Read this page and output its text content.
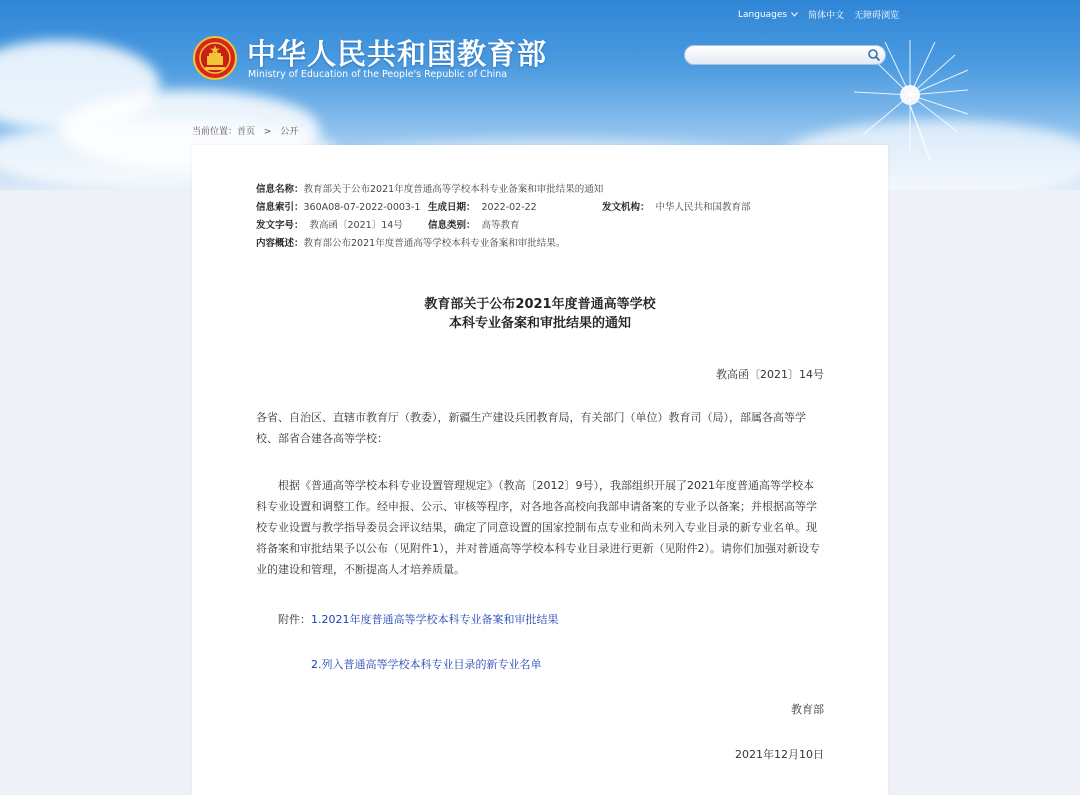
Languages 简体中文 无障碍浏览
中华人民共和国教育部
Ministry of Education of the People's Republic of China
当前位置：首页 > 公开
信息名称：教育部关于公布2021年度普通高等学校本科专业备案和审批结果的通知
信息索引：360A08-07-2022-0003-1 生成日期： 2022-02-22	发文机构： 中华人民共和国教育部
发文字号： 教高函〔2021〕14号	信息类别： 高等教育
内容概述：教育部公布2021年度普通高等学校本科专业备案和审批结果。
教育部关于公布2021年度普通高等学校
本科专业备案和审批结果的通知
教高函〔2021〕14号
各省、自治区、直辖市教育厅（教委），新疆生产建设兵团教育局，有关部门（单位）教育司（局），部属各高等学校、部省合建各高等学校：
根据《普通高等学校本科专业设置管理规定》（教高〔2012〕9号），我部组织开展了2021年度普通高等学校本科专业设置和调整工作。经申报、公示、审核等程序，对各地各高校向我部申请备案的专业予以备案；并根据高等学校专业设置与教学指导委员会评议结果，确定了同意设置的国家控制布点专业和尚未列入专业目录的新专业名单。现将备案和审批结果予以公布（见附件1），并对普通高等学校本科专业目录进行更新（见附件2）。请你们加强对新设专业的建设和管理，不断提高人才培养质量。
附件：1.2021年度普通高等学校本科专业备案和审批结果
2.列入普通高等学校本科专业目录的新专业名单
教育部
2021年12月10日
